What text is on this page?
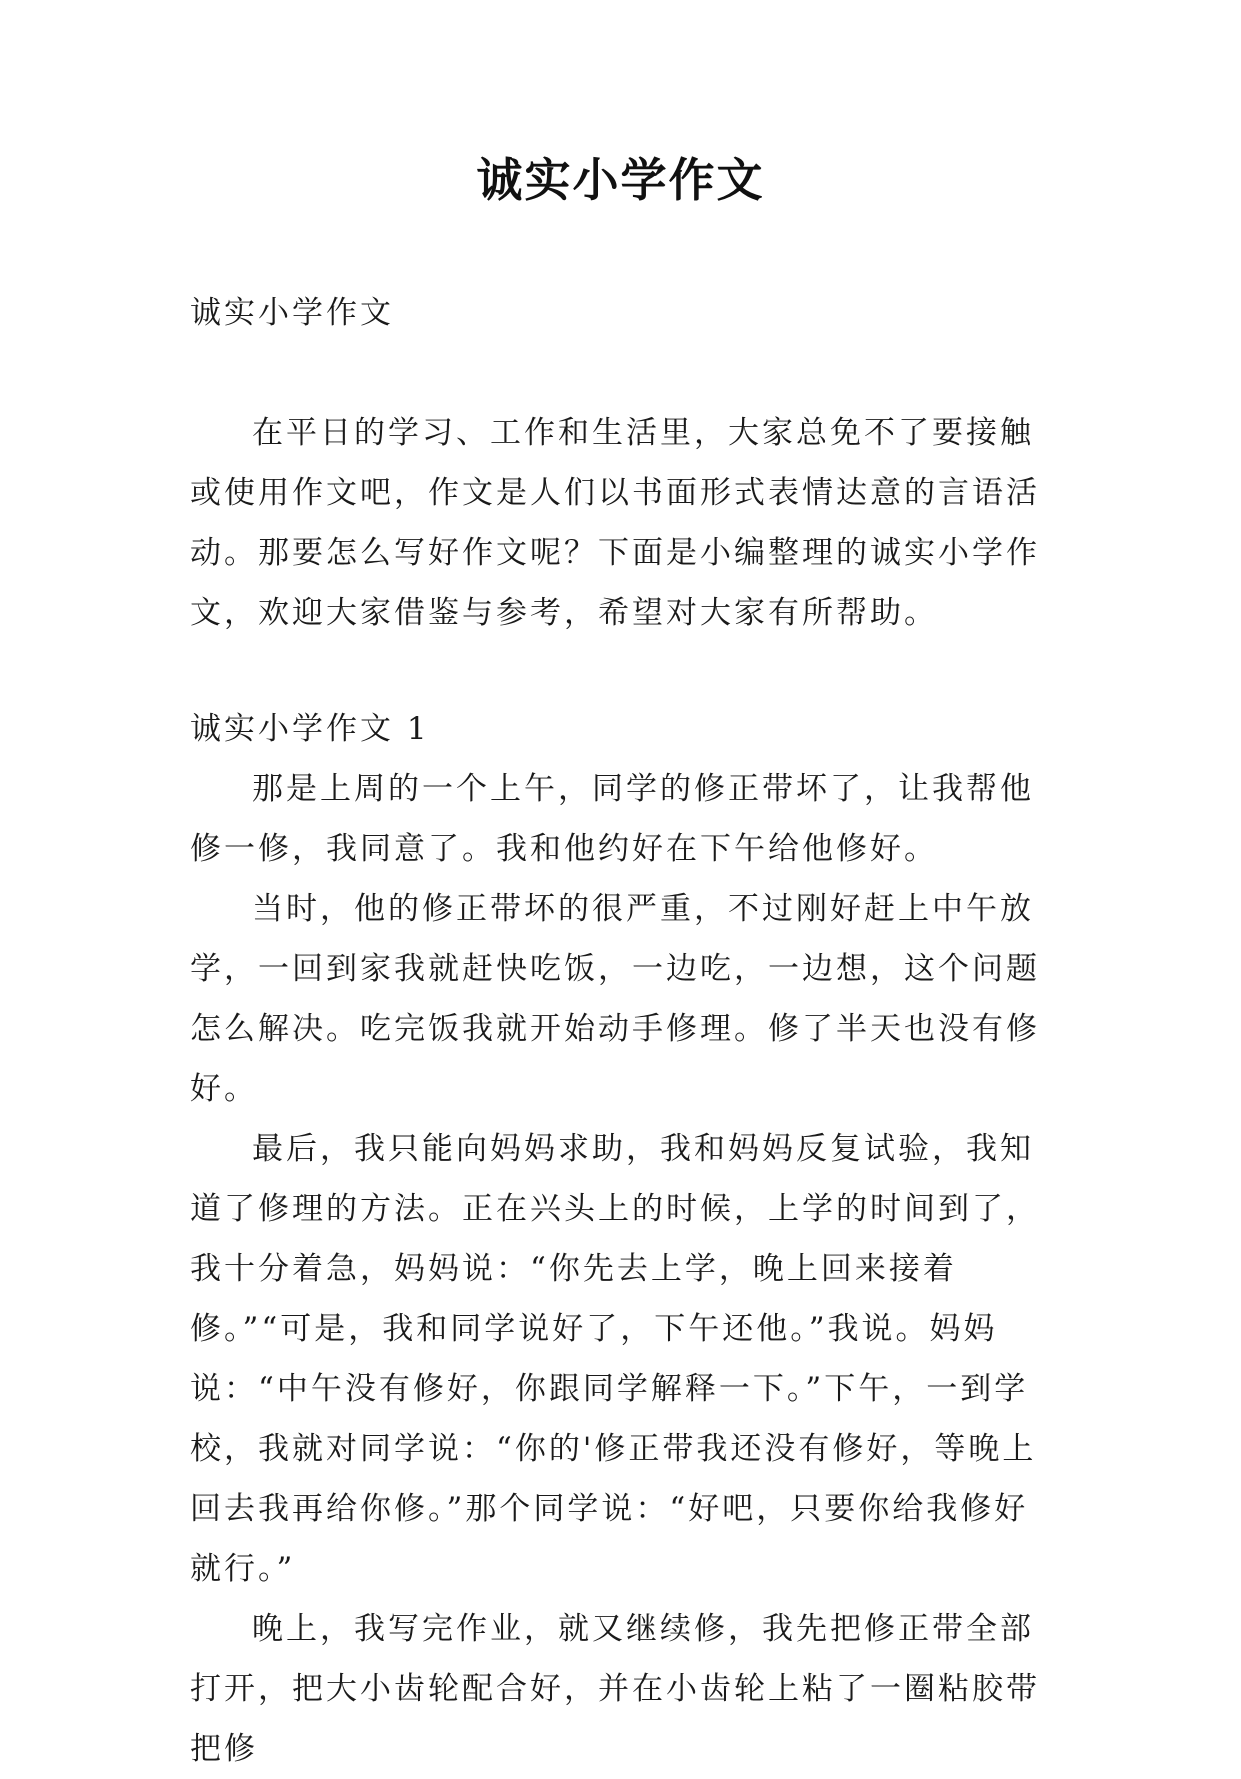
诚实小学作文

诚实小学作文

在平日的学习、工作和生活里，大家总免不了要接触或使用作文吧，作文是人们以书面形式表情达意的言语活动。那要怎么写好作文呢？下面是小编整理的诚实小学作文，欢迎大家借鉴与参考，希望对大家有所帮助。

诚实小学作文 1

那是上周的一个上午，同学的修正带坏了，让我帮他修一修，我同意了。我和他约好在下午给他修好。

当时，他的修正带坏的很严重，不过刚好赶上中午放学，一回到家我就赶快吃饭，一边吃，一边想，这个问题怎么解决。吃完饭我就开始动手修理。修了半天也没有修好。

最后，我只能向妈妈求助，我和妈妈反复试验，我知道了修理的方法。正在兴头上的时候，上学的时间到了，我十分着急，妈妈说：“你先去上学，晚上回来接着修。”“可是，我和同学说好了，下午还他。”我说。妈妈说：“中午没有修好，你跟同学解释一下。”下午，一到学校，我就对同学说：“你的'修正带我还没有修好，等晚上回去我再给你修。”那个同学说：“好吧，只要你给我修好就行。”

晚上，我写完作业，就又继续修，我先把修正带全部打开，把大小齿轮配合好，并在小齿轮上粘了一圈粘胶带把修
